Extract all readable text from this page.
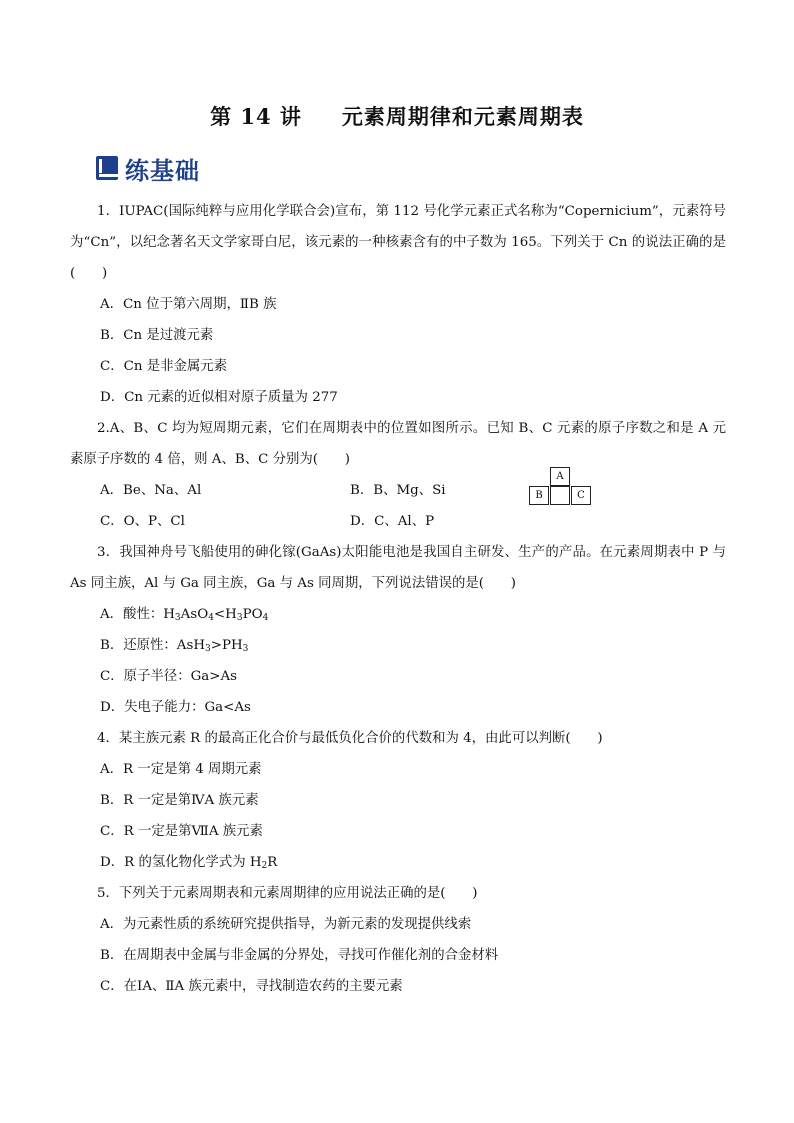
第 14 讲 元素周期律和元素周期表
练基础

1．IUPAC(国际纯粹与应用化学联合会)宣布，第 112 号化学元素正式名称为“Copernicium”，元素符号为“Cn”，以纪念著名天文学家哥白尼，该元素的一种核素含有的中子数为 165。下列关于 Cn 的说法正确的是(　　)

A．Cn 位于第六周期，ⅡB 族

B．Cn 是过渡元素

C．Cn 是非金属元素

D．Cn 元素的近似相对原子质量为 277

2.A、B、C 均为短周期元素，它们在周期表中的位置如图所示。已知 B、C 元素的原子序数之和是 A 元素原子序数的 4 倍，则 A、B、C 分别为(　　)

A．Be、Na、Al	B．B、Mg、Si

C．O、P、Cl	D．C、Al、P

3．我国神舟号飞船使用的砷化镓(GaAs)太阳能电池是我国自主研发、生产的产品。在元素周期表中 P 与 As 同主族，Al 与 Ga 同主族，Ga 与 As 同周期，下列说法错误的是(　　)

A．酸性：$H_3AsO_4<H_3PO_4$

B．还原性：$AsH_3>PH_3$

C．原子半径：Ga>As

D．失电子能力：Ga<As

4．某主族元素 R 的最高正化合价与最低负化合价的代数和为 4，由此可以判断(　　)

A．R 一定是第 4 周期元素

B．R 一定是第ⅣA 族元素

C．R 一定是第ⅦA 族元素

D．R 的氢化物化学式为 $H_2R$

5．下列关于元素周期表和元素周期律的应用说法正确的是(　　)

A．为元素性质的系统研究提供指导，为新元素的发现提供线索

B．在周期表中金属与非金属的分界处，寻找可作催化剂的合金材料

C．在ⅠA、ⅡA 族元素中，寻找制造农药的主要元素

A
B	C
